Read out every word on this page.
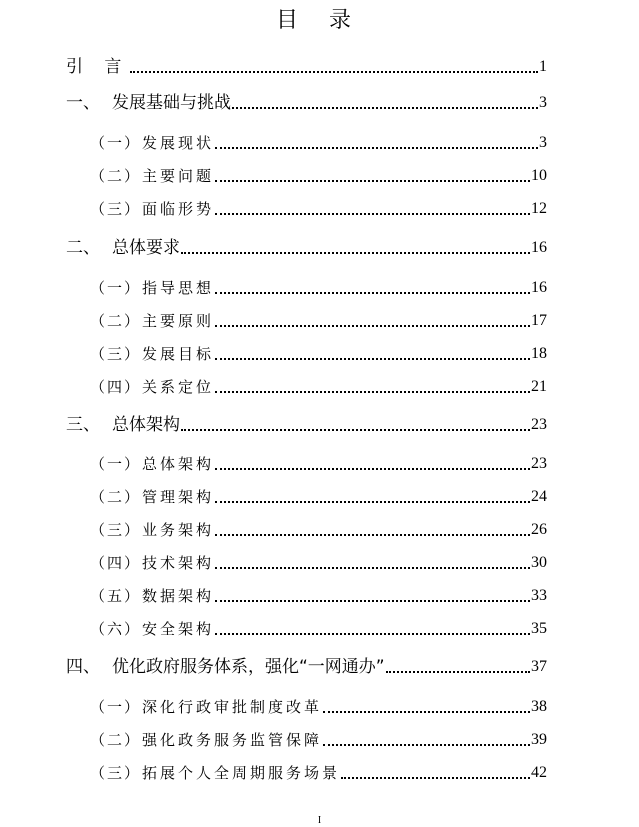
目 录
引 言	1
一、 发展基础与挑战	3
（一）发展现状	3
（二）主要问题	10
（三）面临形势	12
二、 总体要求	16
（一）指导思想	16
（二）主要原则	17
（三）发展目标	18
（四）关系定位	21
三、 总体架构	23
（一）总体架构	23
（二）管理架构	24
（三）业务架构	26
（四）技术架构	30
（五）数据架构	33
（六）安全架构	35
四、 优化政府服务体系，强化“一网通办”	37
（一）深化行政审批制度改革	38
（二）强化政务服务监管保障	39
（三）拓展个人全周期服务场景	42
I
